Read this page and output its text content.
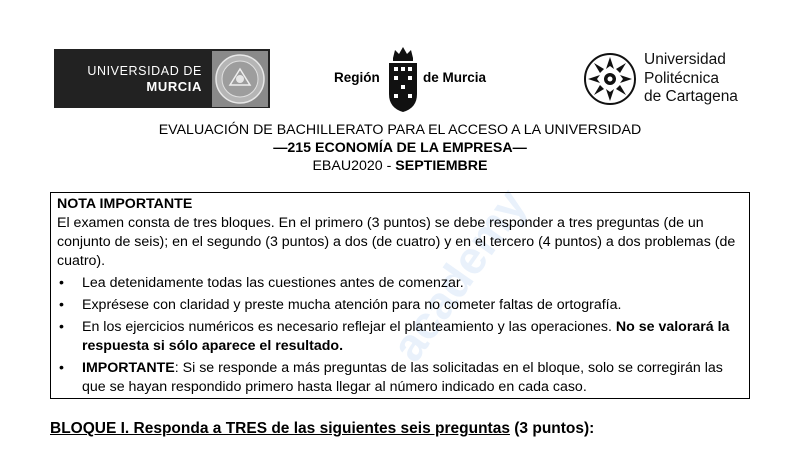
UNIVERSIDAD DE
MURCIA
Región	de Murcia
Universidad
Politécnica
de Cartagena
EVALUACIÓN DE BACHILLERATO PARA EL ACCESO A LA UNIVERSIDAD
—215 ECONOMÍA DE LA EMPRESA—
EBAU2020 - SEPTIEMBRE
academy

NOTA IMPORTANTE

El examen consta de tres bloques. En el primero (3 puntos) se debe responder a tres preguntas (de un conjunto de seis); en el segundo (3 puntos) a dos (de cuatro) y en el tercero (4 puntos) a dos problemas (de cuatro).

• Lea detenidamente todas las cuestiones antes de comenzar.
• Exprésese con claridad y preste mucha atención para no cometer faltas de ortografía.
• En los ejercicios numéricos es necesario reflejar el planteamiento y las operaciones. No se valorará la respuesta si sólo aparece el resultado.
• IMPORTANTE: Si se responde a más preguntas de las solicitadas en el bloque, solo se corregirán las que se hayan respondido primero hasta llegar al número indicado en cada caso.
BLOQUE I. Responda a TRES de las siguientes seis preguntas (3 puntos):
